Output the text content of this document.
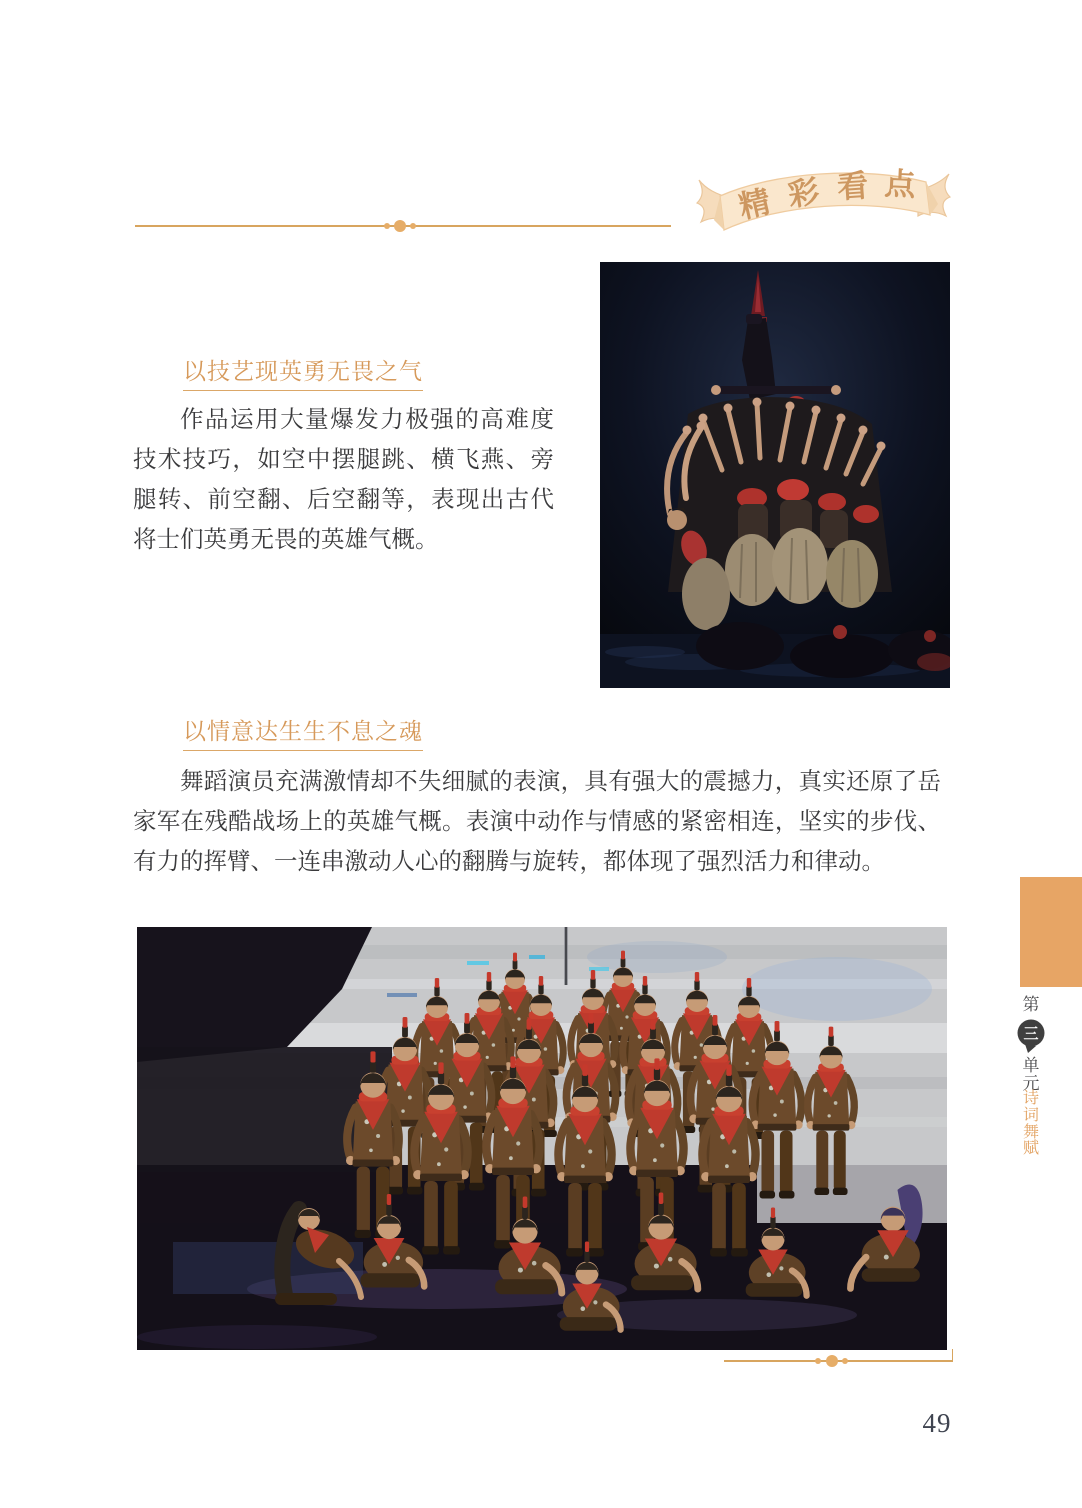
精 彩 看 点
以技艺现英勇无畏之气

作品运用大量爆发力极强的高难度技术技巧，如空中摆腿跳、横飞燕、旁腿转、前空翻、后空翻等，表现出古代将士们英勇无畏的英雄气概。

以情意达生生不息之魂

舞蹈演员充满激情却不失细腻的表演，具有强大的震撼力，真实还原了岳家军在残酷战场上的英雄气概。表演中动作与情感的紧密相连，坚实的步伐、有力的挥臂、一连串激动人心的翻腾与旋转，都体现了强烈活力和律动。

第
三
单
元
诗
词
舞
赋
49
